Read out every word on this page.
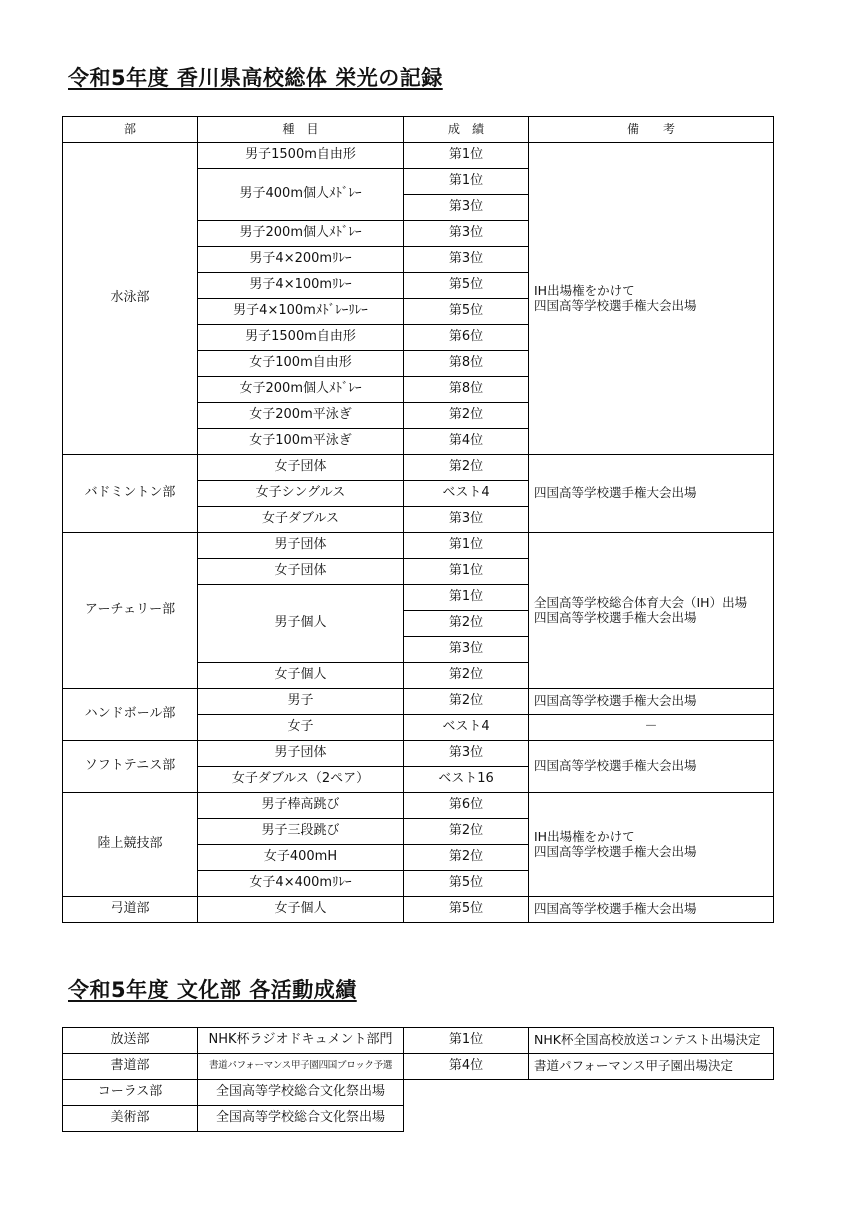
令和5年度 香川県高校総体 栄光の記録
部	種　目	成　績	備　　考
水泳部	男子1500m自由形	第1位	IH出場権をかけて
四国高等学校選手権大会出場

	男子400m個人ﾒﾄﾞﾚｰ	第1位	
		第3位	
	男子200m個人ﾒﾄﾞﾚｰ	第3位	
	男子4×200mﾘﾚｰ	第3位	
	男子4×100mﾘﾚｰ	第5位	
	男子4×100mﾒﾄﾞﾚｰﾘﾚｰ	第5位	
	男子1500m自由形	第6位	
	女子100m自由形	第8位	
	女子200m個人ﾒﾄﾞﾚｰ	第8位	
	女子200m平泳ぎ	第2位	
	女子100m平泳ぎ	第4位	
バドミントン部	女子団体	第2位	四国高等学校選手権大会出場
	女子シングルス	ベスト4	
	女子ダブルス	第3位	
アーチェリー部	男子団体	第1位	全国高等学校総合体育大会（IH）出場
四国高等学校選手権大会出場

	女子団体	第1位	
	男子個人	第1位	
		第2位	
		第3位	
	女子個人	第2位	
ハンドボール部	男子	第2位	四国高等学校選手権大会出場
	女子	ベスト4	－
ソフトテニス部	男子団体	第3位	四国高等学校選手権大会出場
	女子ダブルス（2ペア）	ベスト16	
陸上競技部	男子棒高跳び	第6位	IH出場権をかけて
四国高等学校選手権大会出場

	男子三段跳び	第2位	
	女子400mH	第2位	
	女子4×400mﾘﾚｰ	第5位	
弓道部	女子個人	第5位	四国高等学校選手権大会出場
令和5年度 文化部 各活動成績
放送部	NHK杯ラジオドキュメント部門	第1位	NHK杯全国高校放送コンテスト出場決定
書道部	書道パフォーマンス甲子園四国ブロック予選	第4位	書道パフォーマンス甲子園出場決定
コーラス部	全国高等学校総合文化祭出場		
美術部	全国高等学校総合文化祭出場		
